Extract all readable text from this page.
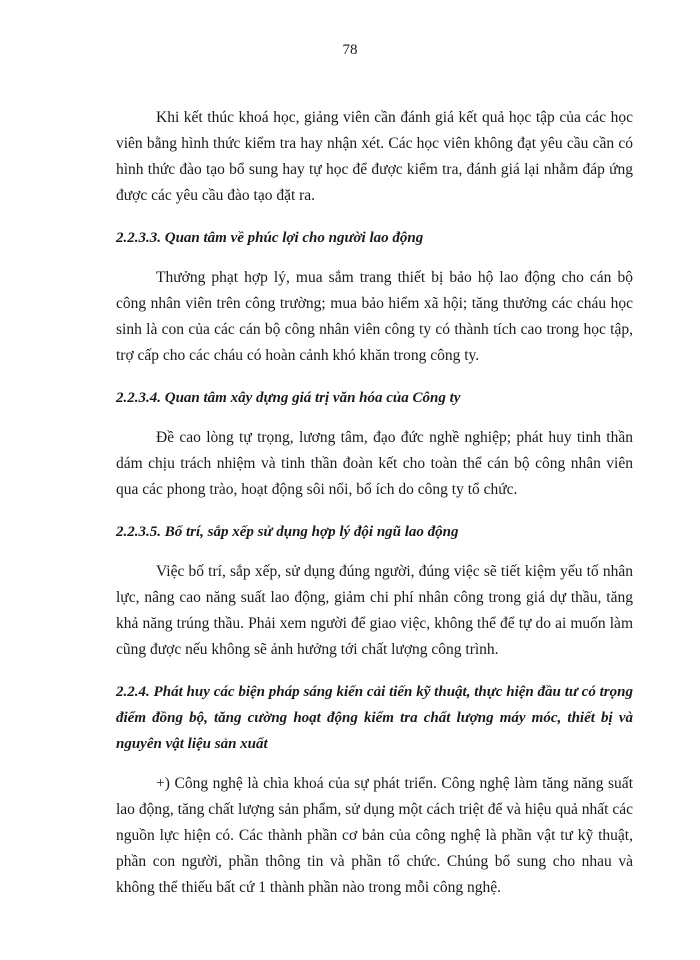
78

Khi kết thúc khoá học, giảng viên cần đánh giá kết quả học tập của các học viên bằng hình thức kiểm tra hay nhận xét. Các học viên không đạt yêu cầu cần có hình thức đào tạo bổ sung hay tự học để được kiểm tra, đánh giá lại nhằm đáp ứng được các yêu cầu đào tạo đặt ra.

2.2.3.3. Quan tâm về phúc lợi cho người lao động

Thưởng phạt hợp lý, mua sắm trang thiết bị bảo hộ lao động cho cán bộ công nhân viên trên công trường; mua bảo hiểm xã hội; tăng thưởng các cháu học sinh là con của các cán bộ công nhân viên công ty có thành tích cao trong học tập, trợ cấp cho các cháu có hoàn cảnh khó khăn trong công ty.

2.2.3.4. Quan tâm xây dựng giá trị văn hóa của Công ty

Đề cao lòng tự trọng, lương tâm, đạo đức nghề nghiệp; phát huy tinh thần dám chịu trách nhiệm và tinh thần đoàn kết cho toàn thể cán bộ công nhân viên qua các phong trào, hoạt động sôi nổi, bổ ích do công ty tổ chức.

2.2.3.5. Bố trí, sắp xếp sử dụng hợp lý đội ngũ lao động

Việc bố trí, sắp xếp, sử dụng đúng người, đúng việc sẽ tiết kiệm yếu tố nhân lực, nâng cao năng suất lao động, giảm chi phí nhân công trong giá dự thầu, tăng khả năng trúng thầu. Phải xem người để giao việc, không thể để tự do ai muốn làm cũng được nếu không sẽ ảnh hưởng tới chất lượng công trình.

2.2.4. Phát huy các biện pháp sáng kiến cải tiến kỹ thuật, thực hiện đầu tư có trọng điểm đồng bộ, tăng cường hoạt động kiểm tra chất lượng máy móc, thiết bị và nguyên vật liệu sản xuất

+) Công nghệ là chìa khoá của sự phát triển. Công nghệ làm tăng năng suất lao động, tăng chất lượng sản phẩm, sử dụng một cách triệt để và hiệu quả nhất các nguồn lực hiện có. Các thành phần cơ bản của công nghệ là phần vật tư kỹ thuật, phần con người, phần thông tin và phần tổ chức. Chúng bổ sung cho nhau và không thể thiếu bất cứ 1 thành phần nào trong mỗi công nghệ.
